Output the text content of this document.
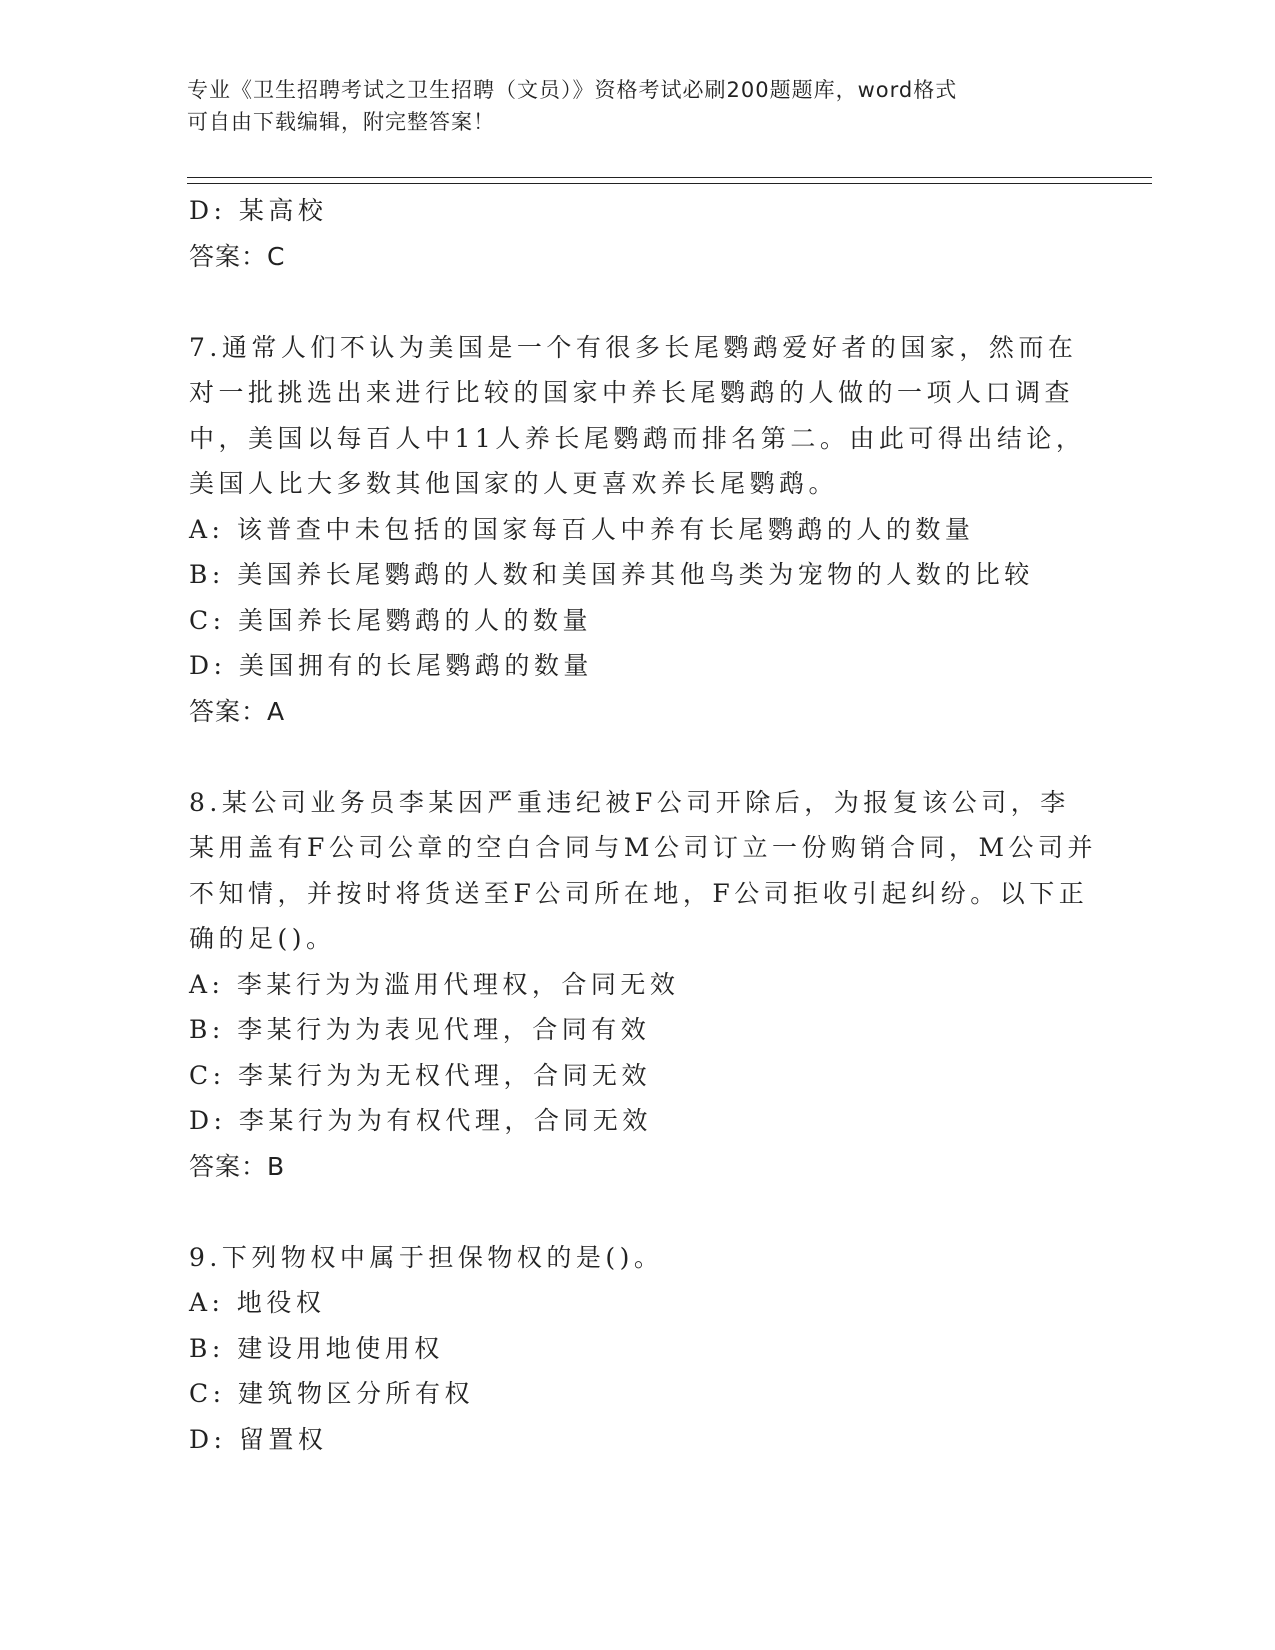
专业《卫生招聘考试之卫生招聘（文员）》资格考试必刷200题题库，word格式
可自由下载编辑，附完整答案！
D: 某高校
答案：C
7.通常人们不认为美国是一个有很多长尾鹦鹉爱好者的国家，然而在
对一批挑选出来进行比较的国家中养长尾鹦鹉的人做的一项人口调查
中，美国以每百人中11人养长尾鹦鹉而排名第二。由此可得出结论，
美国人比大多数其他国家的人更喜欢养长尾鹦鹉。
A: 该普查中未包括的国家每百人中养有长尾鹦鹉的人的数量
B: 美国养长尾鹦鹉的人数和美国养其他鸟类为宠物的人数的比较
C: 美国养长尾鹦鹉的人的数量
D: 美国拥有的长尾鹦鹉的数量
答案：A
8.某公司业务员李某因严重违纪被F公司开除后，为报复该公司，李
某用盖有F公司公章的空白合同与M公司订立一份购销合同，M公司并
不知情，并按时将货送至F公司所在地，F公司拒收引起纠纷。以下正
确的足()。
A: 李某行为为滥用代理权，合同无效
B: 李某行为为表见代理，合同有效
C: 李某行为为无权代理，合同无效
D: 李某行为为有权代理，合同无效
答案：B
9.下列物权中属于担保物权的是()。
A: 地役权
B: 建设用地使用权
C: 建筑物区分所有权
D: 留置权
